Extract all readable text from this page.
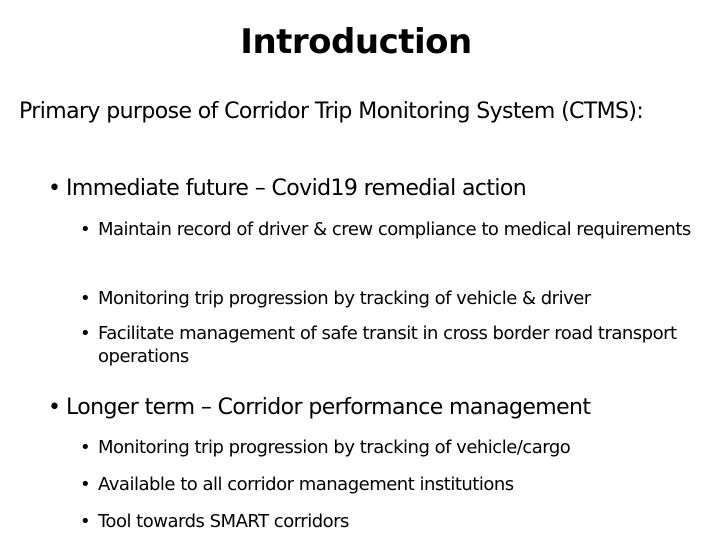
Introduction
Primary purpose of Corridor Trip Monitoring System (CTMS):
• Immediate future – Covid19 remedial action
• Maintain record of driver & crew compliance to medical requirements
• Monitoring trip progression by tracking of vehicle & driver
• Facilitate management of safe transit in cross border road transport operations
• Longer term – Corridor performance management
• Monitoring trip progression by tracking of vehicle/cargo
• Available to all corridor management institutions
• Tool towards SMART corridors
